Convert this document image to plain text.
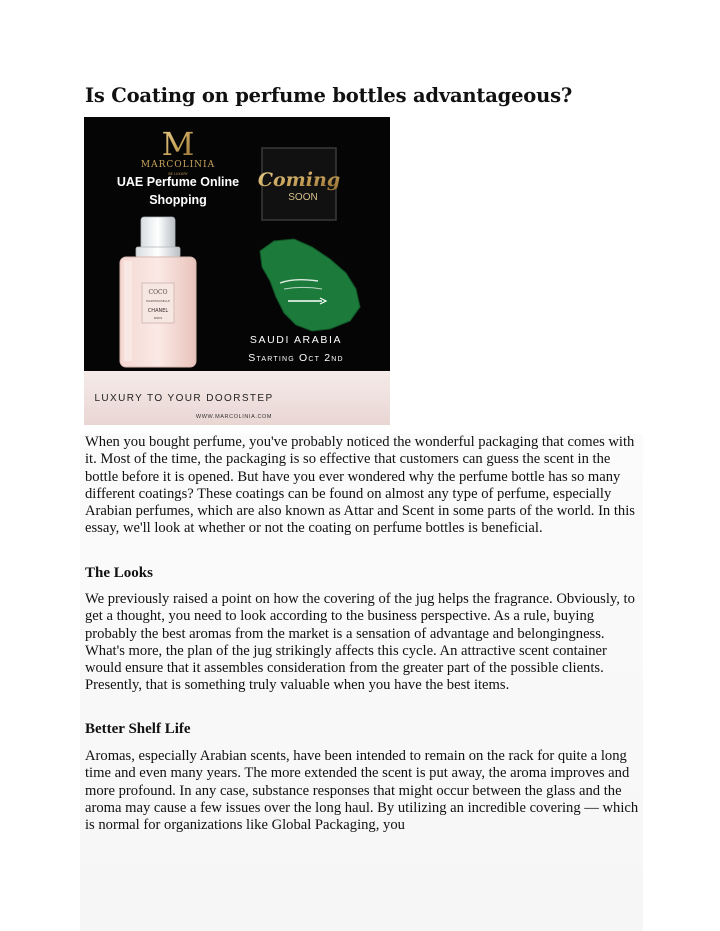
Is Coating on perfume bottles advantageous?
M
MARCOLINIA
BE LUXURY
UAE Perfume Online
Shopping
Coming
SOON
COCO
MADEMOISELLE
CHANEL
PARIS
SAUDI ARABIA
Starting Oct 2nd
LUXURY TO YOUR DOORSTEP
WWW.MARCOLINIA.COM

When you bought perfume, you've probably noticed the wonderful packaging that comes with it. Most of the time, the packaging is so effective that customers can guess the scent in the bottle before it is opened. But have you ever wondered why the perfume bottle has so many different coatings? These coatings can be found on almost any type of perfume, especially Arabian perfumes, which are also known as Attar and Scent in some parts of the world. In this essay, we'll look at whether or not the coating on perfume bottles is beneficial.

The Looks

We previously raised a point on how the covering of the jug helps the fragrance. Obviously, to get a thought, you need to look according to the business perspective. As a rule, buying probably the best aromas from the market is a sensation of advantage and belongingness. What's more, the plan of the jug strikingly affects this cycle. An attractive scent container would ensure that it assembles consideration from the greater part of the possible clients. Presently, that is something truly valuable when you have the best items.

Better Shelf Life

Aromas, especially Arabian scents, have been intended to remain on the rack for quite a long time and even many years. The more extended the scent is put away, the aroma improves and more profound. In any case, substance responses that might occur between the glass and the aroma may cause a few issues over the long haul. By utilizing an incredible covering — which is normal for organizations like Global Packaging, you
